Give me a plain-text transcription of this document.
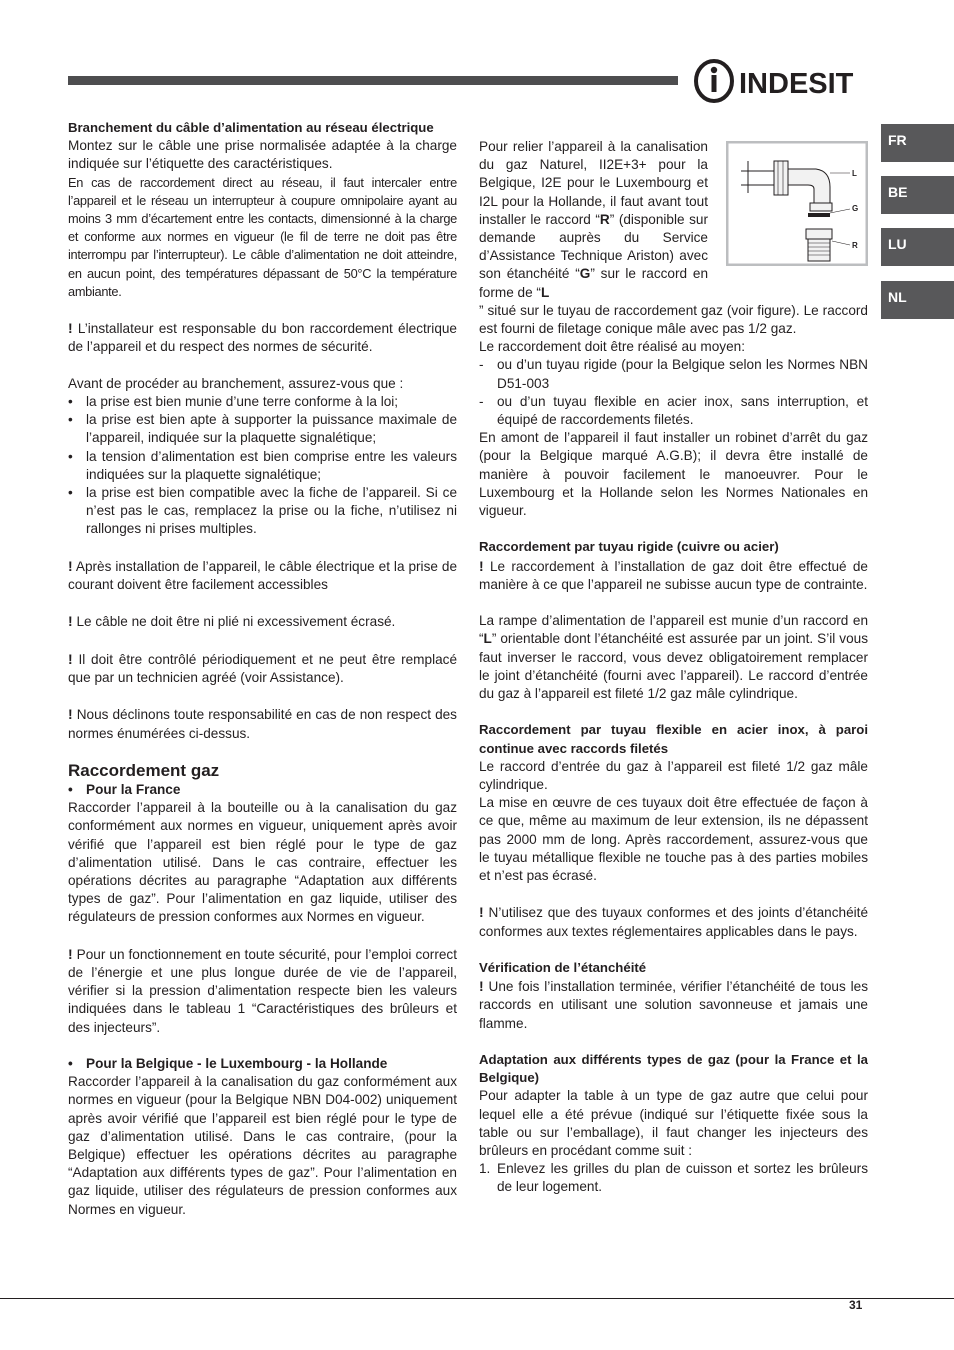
INDESIT
FR
BE
LU
NL

Branchement du câble d’alimentation au réseau électrique

Montez sur le câble une prise normalisée adaptée à la charge indiquée sur l’étiquette des caractéristiques.

En cas de raccordement direct au réseau, il faut intercaler entre l’appareil et le réseau un interrupteur à coupure omnipolaire ayant au moins 3 mm d’écartement entre les contacts, dimensionné à la charge et conforme aux normes en vigueur (le fil de terre ne doit pas être interrompu par l’interrupteur). Le câble d’alimentation ne doit atteindre, en aucun point, des températures dépassant de 50°C la température ambiante.

! L’installateur est responsable du bon raccordement électrique de l’appareil et du respect des normes de sécurité.

Avant de procéder au branchement, assurez-vous que :

• la prise est bien munie d’une terre conforme à la loi;

• la prise est bien apte à supporter la puissance maximale de l’appareil, indiquée sur la plaquette signalétique;

• la tension d’alimentation est bien comprise entre les valeurs indiquées sur la plaquette signalétique;

• la prise est bien compatible avec la fiche de l’appareil. Si ce n’est pas le cas, remplacez la prise ou la fiche, n’utilisez ni rallonges ni prises multiples.

! Après installation de l’appareil, le câble électrique et la prise de courant doivent être facilement accessibles

! Le câble ne doit être ni plié ni excessivement écrasé.

! Il doit être contrôlé périodiquement et ne peut être remplacé que par un technicien agréé (voir Assistance).

! Nous déclinons toute responsabilité en cas de non respect des normes énumérées ci-dessus.

Raccordement gaz

• Pour la France

Raccorder l’appareil à la bouteille ou à la canalisation du gaz conformément aux normes en vigueur, uniquement après avoir vérifié que l’appareil est bien réglé pour le type de gaz d’alimentation utilisé. Dans le cas contraire, effectuer les opérations décrites au paragraphe “Adaptation aux différents types de gaz”. Pour l’alimentation en gaz liquide, utiliser des régulateurs de pression conformes aux Normes en vigueur.

! Pour un fonctionnement en toute sécurité, pour l’emploi correct de l’énergie et une plus longue durée de vie de l’appareil, vérifier si la pression d’alimentation respecte bien les valeurs indiquées dans le tableau 1 “Caractéristiques des brûleurs et des injecteurs”.

• Pour la Belgique - le Luxembourg - la Hollande

Raccorder l’appareil à la canalisation du gaz conformément aux normes en vigueur (pour la Belgique NBN D04-002) uniquement après avoir vérifié que l’appareil est bien réglé pour le type de gaz d’alimentation utilisé. Dans le cas contraire, (pour la Belgique) effectuer les opérations décrites au paragraphe “Adaptation aux différents types de gaz”. Pour l’alimentation en gaz liquide, utiliser des régulateurs de pression conformes aux Normes en vigueur.

L
G
R

Pour relier l’appareil à la canalisation du gaz Naturel, II2E+3+ pour la Belgique, I2E pour le Luxembourg et I2L pour la Hollande, il faut avant tout installer le raccord “R” (disponible sur demande auprès du Service d’Assistance Technique Ariston) avec son étanchéité “G” sur le raccord en forme de “L

” situé sur le tuyau de raccordement gaz (voir figure). Le raccord est fourni de filetage conique mâle avec pas 1/2 gaz.

Le raccordement doit être réalisé au moyen:

- ou d’un tuyau rigide (pour la Belgique selon les Normes NBN D51-003

- ou d’un tuyau flexible en acier inox, sans interruption, et équipé de raccordements filetés.

En amont de l’appareil il faut installer un robinet d’arrêt du gaz (pour la Belgique marqué A.G.B); il devra être installé de manière à pouvoir facilement le manoeuvrer. Pour le Luxembourg et la Hollande selon les Normes Nationales en vigueur.

Raccordement par tuyau rigide (cuivre ou acier)

! Le raccordement à l’installation de gaz doit être effectué de manière à ce que l’appareil ne subisse aucun type de contrainte.

La rampe d’alimentation de l’appareil est munie d’un raccord en “L” orientable dont l’étanchéité est assurée par un joint. S’il vous faut inverser le raccord, vous devez obligatoirement remplacer le joint d’étanchéité (fourni avec l’appareil). Le raccord d’entrée du gaz à l’appareil est fileté 1/2 gaz mâle cylindrique.

Raccordement par tuyau flexible en acier inox, à paroi continue avec raccords filetés

Le raccord d’entrée du gaz à l’appareil est fileté 1/2 gaz mâle cylindrique.

La mise en œuvre de ces tuyaux doit être effectuée de façon à ce que, même au maximum de leur extension, ils ne dépassent pas 2000 mm de long. Après raccordement, assurez-vous que le tuyau métallique flexible ne touche pas à des parties mobiles et n’est pas écrasé.

! N’utilisez que des tuyaux conformes et des joints d’étanchéité conformes aux textes réglementaires applicables dans le pays.

Vérification de l’étanchéité

! Une fois l’installation terminée, vérifier l’étanchéité de tous les raccords en utilisant une solution savonneuse et jamais une flamme.

Adaptation aux différents types de gaz (pour la France et la Belgique)

Pour adapter la table à un type de gaz autre que celui pour lequel elle a été prévue (indiqué sur l’étiquette fixée sous la table ou sur l’emballage), il faut changer les injecteurs des brûleurs en procédant comme suit :

1. Enlevez les grilles du plan de cuisson et sortez les brûleurs de leur logement.

31
